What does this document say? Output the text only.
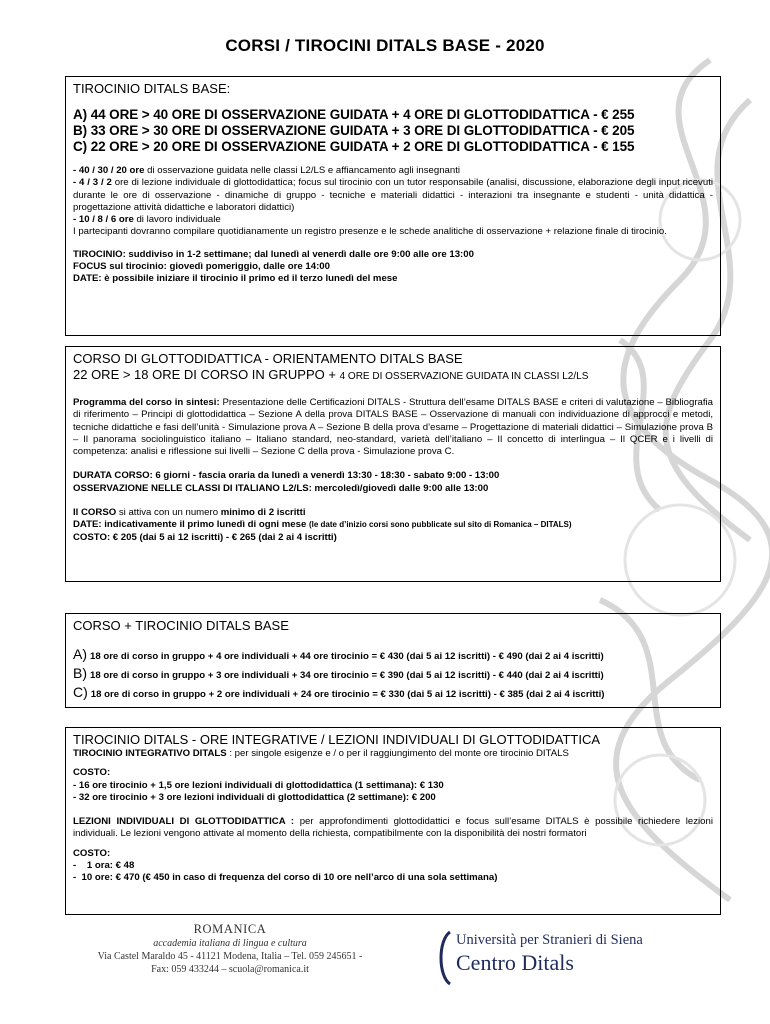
CORSI / TIROCINI DITALS BASE - 2020

TIROCINIO DITALS BASE:

A) 44 ORE > 40 ORE DI OSSERVAZIONE GUIDATA + 4 ORE DI GLOTTODIDATTICA - € 255

B) 33 ORE > 30 ORE DI OSSERVAZIONE GUIDATA + 3 ORE DI GLOTTODIDATTICA - € 205

C) 22 ORE > 20 ORE DI OSSERVAZIONE GUIDATA + 2 ORE DI GLOTTODIDATTICA - € 155

- 40 / 30 / 20 ore di osservazione guidata nelle classi L2/LS e affiancamento agli insegnanti

- 4 / 3 / 2 ore di lezione individuale di glottodidattica; focus sul tirocinio con un tutor responsabile (analisi, discussione, elaborazione degli input ricevuti durante le ore di osservazione - dinamiche di gruppo - tecniche e materiali didattici - interazioni tra insegnante e studenti - unità didattica - progettazione attività didattiche e laboratori didattici)

- 10 / 8 / 6 ore di lavoro individuale

I partecipanti dovranno compilare quotidianamente un registro presenze e le schede analitiche di osservazione + relazione finale di tirocinio.

TIROCINIO: suddiviso in 1-2 settimane; dal lunedì al venerdì dalle ore 9:00 alle ore 13:00

FOCUS sul tirocinio: giovedì pomeriggio, dalle ore 14:00

DATE: è possibile iniziare il tirocinio il primo ed il terzo lunedì del mese

CORSO DI GLOTTODIDATTICA - ORIENTAMENTO DITALS BASE

22 ORE > 18 ORE DI CORSO IN GRUPPO + 4 ORE DI OSSERVAZIONE GUIDATA IN CLASSI L2/LS

Programma del corso in sintesi: Presentazione delle Certificazioni DITALS - Struttura dell’esame DITALS BASE e criteri di valutazione – Bibliografia di riferimento – Principi di glottodidattica – Sezione A della prova DITALS BASE – Osservazione di manuali con individuazione di approcci e metodi, tecniche didattiche e fasi dell’unità - Simulazione prova A – Sezione B della prova d’esame – Progettazione di materiali didattici – Simulazione prova B – Il panorama sociolinguistico italiano – Italiano standard, neo-standard, varietà dell’italiano – Il concetto di interlingua – Il QCER e i livelli di competenza: analisi e riflessione sui livelli – Sezione C della prova - Simulazione prova C.

DURATA CORSO: 6 giorni - fascia oraria da lunedì a venerdì 13:30 - 18:30 - sabato 9:00 - 13:00

OSSERVAZIONE NELLE CLASSI DI ITALIANO L2/LS: mercoledì/giovedì dalle 9:00 alle 13:00

Il CORSO si attiva con un numero minimo di 2 iscritti

DATE: indicativamente il primo lunedì di ogni mese (le date d’inizio corsi sono pubblicate sul sito di Romanica – DITALS)

COSTO: € 205 (dai 5 ai 12 iscritti) - € 265 (dai 2 ai 4 iscritti)

CORSO + TIROCINIO DITALS BASE

A) 18 ore di corso in gruppo + 4 ore individuali + 44 ore tirocinio = € 430 (dai 5 ai 12 iscritti) - € 490 (dai 2 ai 4 iscritti)

B) 18 ore di corso in gruppo + 3 ore individuali + 34 ore tirocinio = € 390 (dai 5 ai 12 iscritti) - € 440 (dai 2 ai 4 iscritti)

C) 18 ore di corso in gruppo + 2 ore individuali + 24 ore tirocinio = € 330 (dai 5 ai 12 iscritti) - € 385 (dai 2 ai 4 iscritti)

TIROCINIO DITALS - ORE INTEGRATIVE / LEZIONI INDIVIDUALI DI GLOTTODIDATTICA

TIROCINIO INTEGRATIVO DITALS : per singole esigenze e / o per il raggiungimento del monte ore tirocinio DITALS

COSTO:

- 16 ore tirocinio + 1,5 ore lezioni individuali di glottodidattica (1 settimana): € 130

- 32 ore tirocinio + 3 ore lezioni individuali di glottodidattica (2 settimane): € 200

LEZIONI INDIVIDUALI DI GLOTTODIDATTICA : per approfondimenti glottodidattici e focus sull’esame DITALS è possibile richiedere lezioni individuali. Le lezioni vengono attivate al momento della richiesta, compatibilmente con la disponibilità dei nostri formatori

COSTO:

-    1 ora: € 48

-  10 ore: € 470 (€ 450 in caso di frequenza del corso di 10 ore nell’arco di una sola settimana)

ROMANICA
accademia italiana di lingua e cultura
Via Castel Maraldo 45 - 41121 Modena, Italia – Tel. 059 245651 -
Fax: 059 433244 – scuola@romanica.it
Università per Stranieri di Siena
Centro Ditals
